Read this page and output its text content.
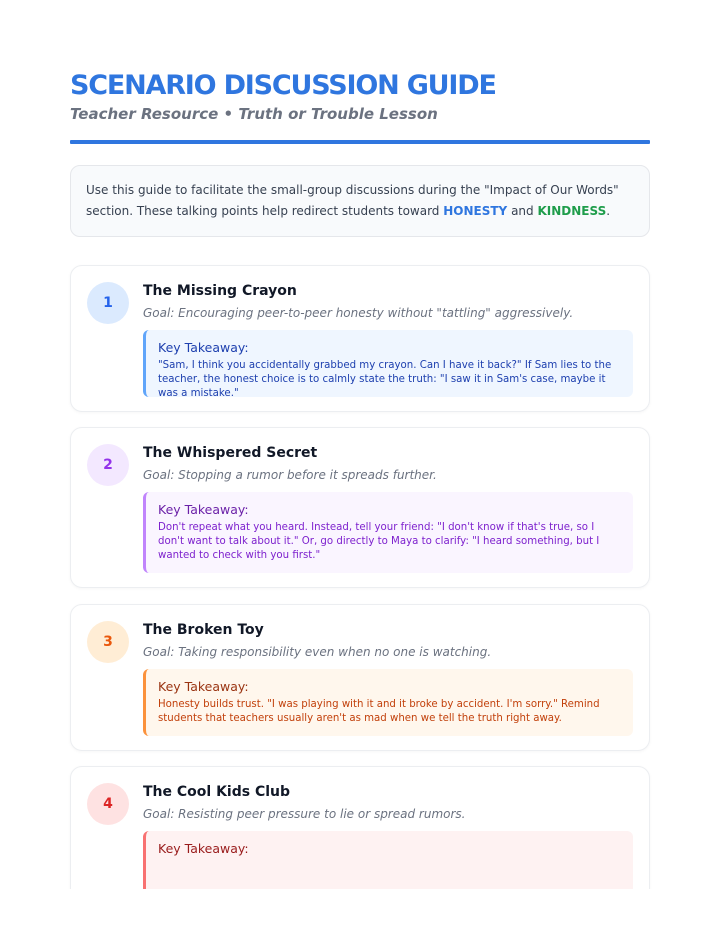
SCENARIO DISCUSSION GUIDE
Teacher Resource • Truth or Trouble Lesson
Use this guide to facilitate the small-group discussions during the "Impact of Our Words" section. These talking points help redirect students toward HONESTY and KINDNESS.
1
The Missing Crayon
Goal: Encouraging peer-to-peer honesty without "tattling" aggressively.
Key Takeaway:
"Sam, I think you accidentally grabbed my crayon. Can I have it back?" If Sam lies to the teacher, the honest choice is to calmly state the truth: "I saw it in Sam's case, maybe it was a mistake."
2
The Whispered Secret
Goal: Stopping a rumor before it spreads further.
Key Takeaway:
Don't repeat what you heard. Instead, tell your friend: "I don't know if that's true, so I don't want to talk about it." Or, go directly to Maya to clarify: "I heard something, but I wanted to check with you first."
3
The Broken Toy
Goal: Taking responsibility even when no one is watching.
Key Takeaway:
Honesty builds trust. "I was playing with it and it broke by accident. I'm sorry." Remind students that teachers usually aren't as mad when we tell the truth right away.
4
The Cool Kids Club
Goal: Resisting peer pressure to lie or spread rumors.
Key Takeaway:
